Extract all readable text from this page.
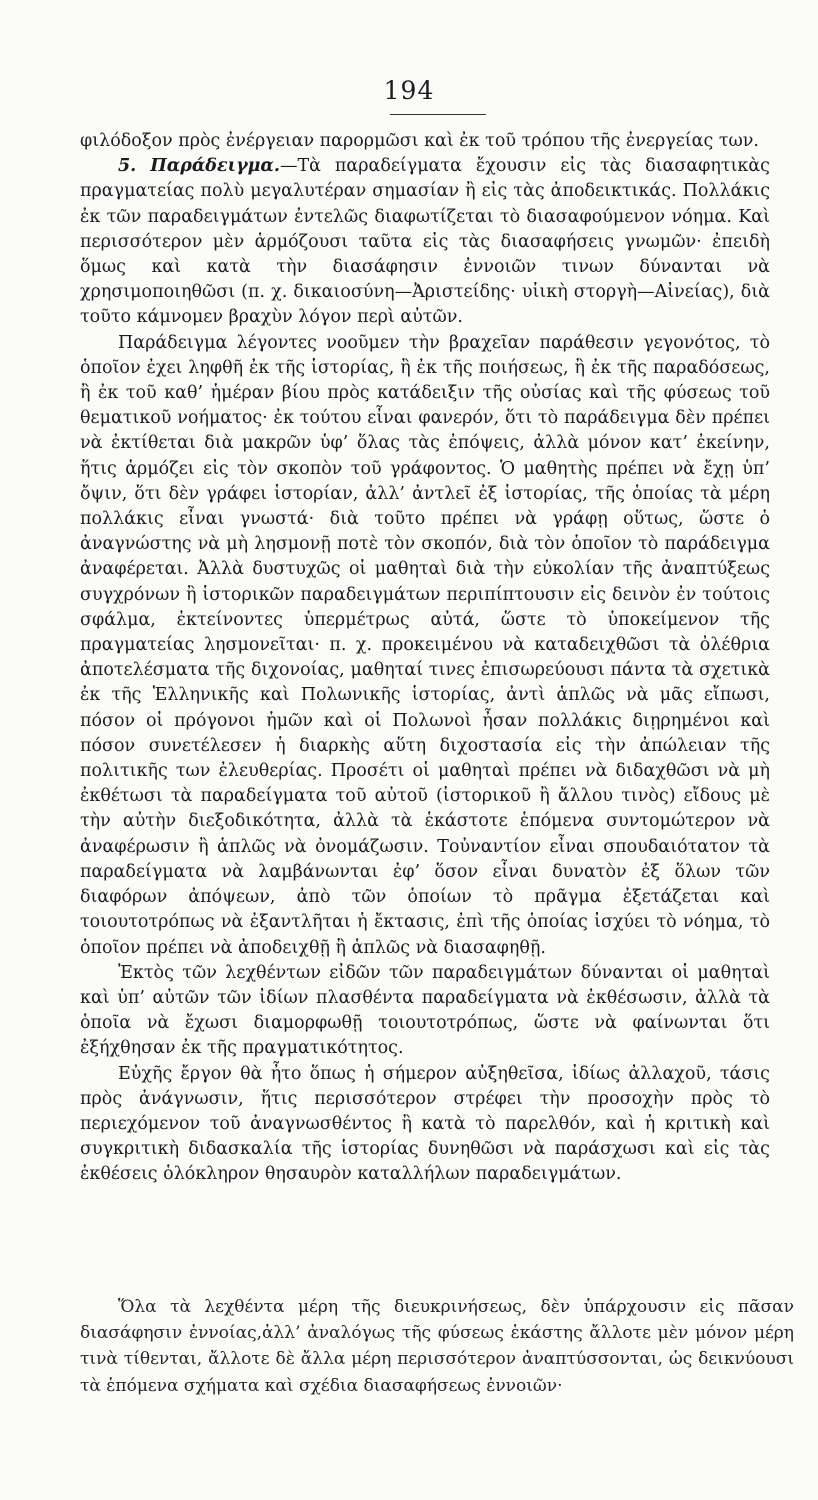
194

φιλόδοξον πρὸς ἐνέργειαν παρορμῶσι καὶ ἐκ τοῦ τρόπου τῆς ἐνεργείας των.

5. Παράδειγμα.—Τὰ παραδείγματα ἔχουσιν εἰς τὰς διασαφητικὰς πραγματείας πολὺ μεγαλυτέραν σημασίαν ἢ εἰς τὰς ἀποδεικτικάς. Πολλάκις ἐκ τῶν παραδειγμάτων ἐντελῶς διαφωτίζεται τὸ διασαφούμενον νόημα. Καὶ περισσότερον μὲν ἁρμόζουσι ταῦτα εἰς τὰς διασαφήσεις γνωμῶν· ἐπειδὴ ὅμως καὶ κατὰ τὴν διασάφησιν ἐννοιῶν τινων δύνανται νὰ χρησιμοποιηθῶσι (π. χ. δικαιοσύνη—Ἀριστείδης· υἱικὴ στοργὴ—Αἰνείας), διὰ τοῦτο κάμνομεν βραχὺν λόγον περὶ αὐτῶν.

Παράδειγμα λέγοντες νοοῦμεν τὴν βραχεῖαν παράθεσιν γεγονότος, τὸ ὁποῖον ἐχει ληφθῆ ἐκ τῆς ἱστορίας, ἢ ἐκ τῆς ποιήσεως, ἢ ἐκ τῆς παραδόσεως, ἢ ἐκ τοῦ καθ’ ἡμέραν βίου πρὸς κατάδειξιν τῆς οὐσίας καὶ τῆς φύσεως τοῦ θεματικοῦ νοήματος· ἐκ τούτου εἶναι φανερόν, ὅτι τὸ παράδειγμα δὲν πρέπει νὰ ἐκτίθεται διὰ μακρῶν ὑφ’ ὅλας τὰς ἐπόψεις, ἀλλὰ μόνον κατ’ ἐκείνην, ἥτις ἁρμόζει εἰς τὸν σκοπὸν τοῦ γράφοντος. Ὁ μαθητὴς πρέπει νὰ ἔχῃ ὑπ’ ὄψιν, ὅτι δὲν γράφει ἱστορίαν, ἀλλ’ ἀντλεῖ ἐξ ἱστορίας, τῆς ὁποίας τὰ μέρη πολλάκις εἶναι γνωστά· διὰ τοῦτο πρέπει νὰ γράφῃ οὕτως, ὥστε ὁ ἀναγνώστης νὰ μὴ λησμονῇ ποτὲ τὸν σκοπόν, διὰ τὸν ὁποῖον τὸ παράδειγμα ἀναφέρεται. Ἀλλὰ δυστυχῶς οἱ μαθηταὶ διὰ τὴν εὐκολίαν τῆς ἀναπτύξεως συγχρόνων ἢ ἱστορικῶν παραδειγμάτων περιπίπτουσιν εἰς δεινὸν ἐν τούτοις σφάλμα, ἐκτείνοντες ὑπερμέτρως αὐτά, ὥστε τὸ ὑποκείμενον τῆς πραγματείας λησμονεῖται· π. χ. προκειμένου νὰ καταδειχθῶσι τὰ ὀλέθρια ἀποτελέσματα τῆς διχονοίας, μαθηταί τινες ἐπισωρεύουσι πάντα τὰ σχετικὰ ἐκ τῆς Ἑλληνικῆς καὶ Πολωνικῆς ἱστορίας, ἀντὶ ἁπλῶς νὰ μᾶς εἴπωσι, πόσον οἱ πρόγονοι ἡμῶν καὶ οἱ Πολωνοὶ ἦσαν πολλάκις διῃρημένοι καὶ πόσον συνετέλεσεν ἡ διαρκὴς αὕτη διχοστασία εἰς τὴν ἀπώλειαν τῆς πολιτικῆς των ἐλευθερίας. Προσέτι οἱ μαθηταὶ πρέπει νὰ διδαχθῶσι νὰ μὴ ἐκθέτωσι τὰ παραδείγματα τοῦ αὐτοῦ (ἱστορικοῦ ἢ ἄλλου τινὸς) εἴδους μὲ τὴν αὐτὴν διεξοδικότητα, ἀλλὰ τὰ ἑκάστοτε ἑπόμενα συντομώτερον νὰ ἀναφέρωσιν ἢ ἁπλῶς νὰ ὀνομάζωσιν. Τοὐναντίον εἶναι σπουδαιότατον τὰ παραδείγματα νὰ λαμβάνωνται ἐφ’ ὅσον εἶναι δυνατὸν ἐξ ὅλων τῶν διαφόρων ἀπόψεων, ἀπὸ τῶν ὁποίων τὸ πρᾶγμα ἐξετάζεται καὶ τοιουτοτρόπως νὰ ἐξαντλῆται ἡ ἔκτασις, ἐπὶ τῆς ὁποίας ἰσχύει τὸ νόημα, τὸ ὁποῖον πρέπει νὰ ἀποδειχθῇ ἢ ἁπλῶς νὰ διασαφηθῇ.

Ἐκτὸς τῶν λεχθέντων εἰδῶν τῶν παραδειγμάτων δύνανται οἱ μαθηταὶ καὶ ὑπ’ αὐτῶν τῶν ἰδίων πλασθέντα παραδείγματα νὰ ἐκθέσωσιν, ἀλλὰ τὰ ὁποῖα νὰ ἔχωσι διαμορφωθῇ τοιουτοτρόπως, ὥστε νὰ φαίνωνται ὅτι ἐξήχθησαν ἐκ τῆς πραγματικότητος.

Εὐχῆς ἔργον θὰ ἦτο ὅπως ἡ σήμερον αὐξηθεῖσα, ἰδίως ἀλλαχοῦ, τάσις πρὸς ἀνάγνωσιν, ἥτις περισσότερον στρέφει τὴν προσοχὴν πρὸς τὸ περιεχόμενον τοῦ ἀναγνωσθέντος ἢ κατὰ τὸ παρελθόν, καὶ ἡ κριτικὴ καὶ συγκριτικὴ διδασκαλία τῆς ἱστορίας δυνηθῶσι νὰ παράσχωσι καὶ εἰς τὰς ἐκθέσεις ὁλόκληρον θησαυρὸν καταλλήλων παραδειγμάτων.

Ὅλα τὰ λεχθέντα μέρη τῆς διευκρινήσεως, δὲν ὑπάρχουσιν εἰς πᾶσαν διασάφησιν ἐννοίας,ἀλλ’ ἀναλόγως τῆς φύσεως ἑκάστης ἄλλοτε μὲν μόνον μέρη τινὰ τίθενται, ἄλλοτε δὲ ἄλλα μέρη περισσότερον ἀναπτύσσονται, ὡς δεικνύουσι τὰ ἑπόμενα σχήματα καὶ σχέδια διασαφήσεως ἐννοιῶν·
